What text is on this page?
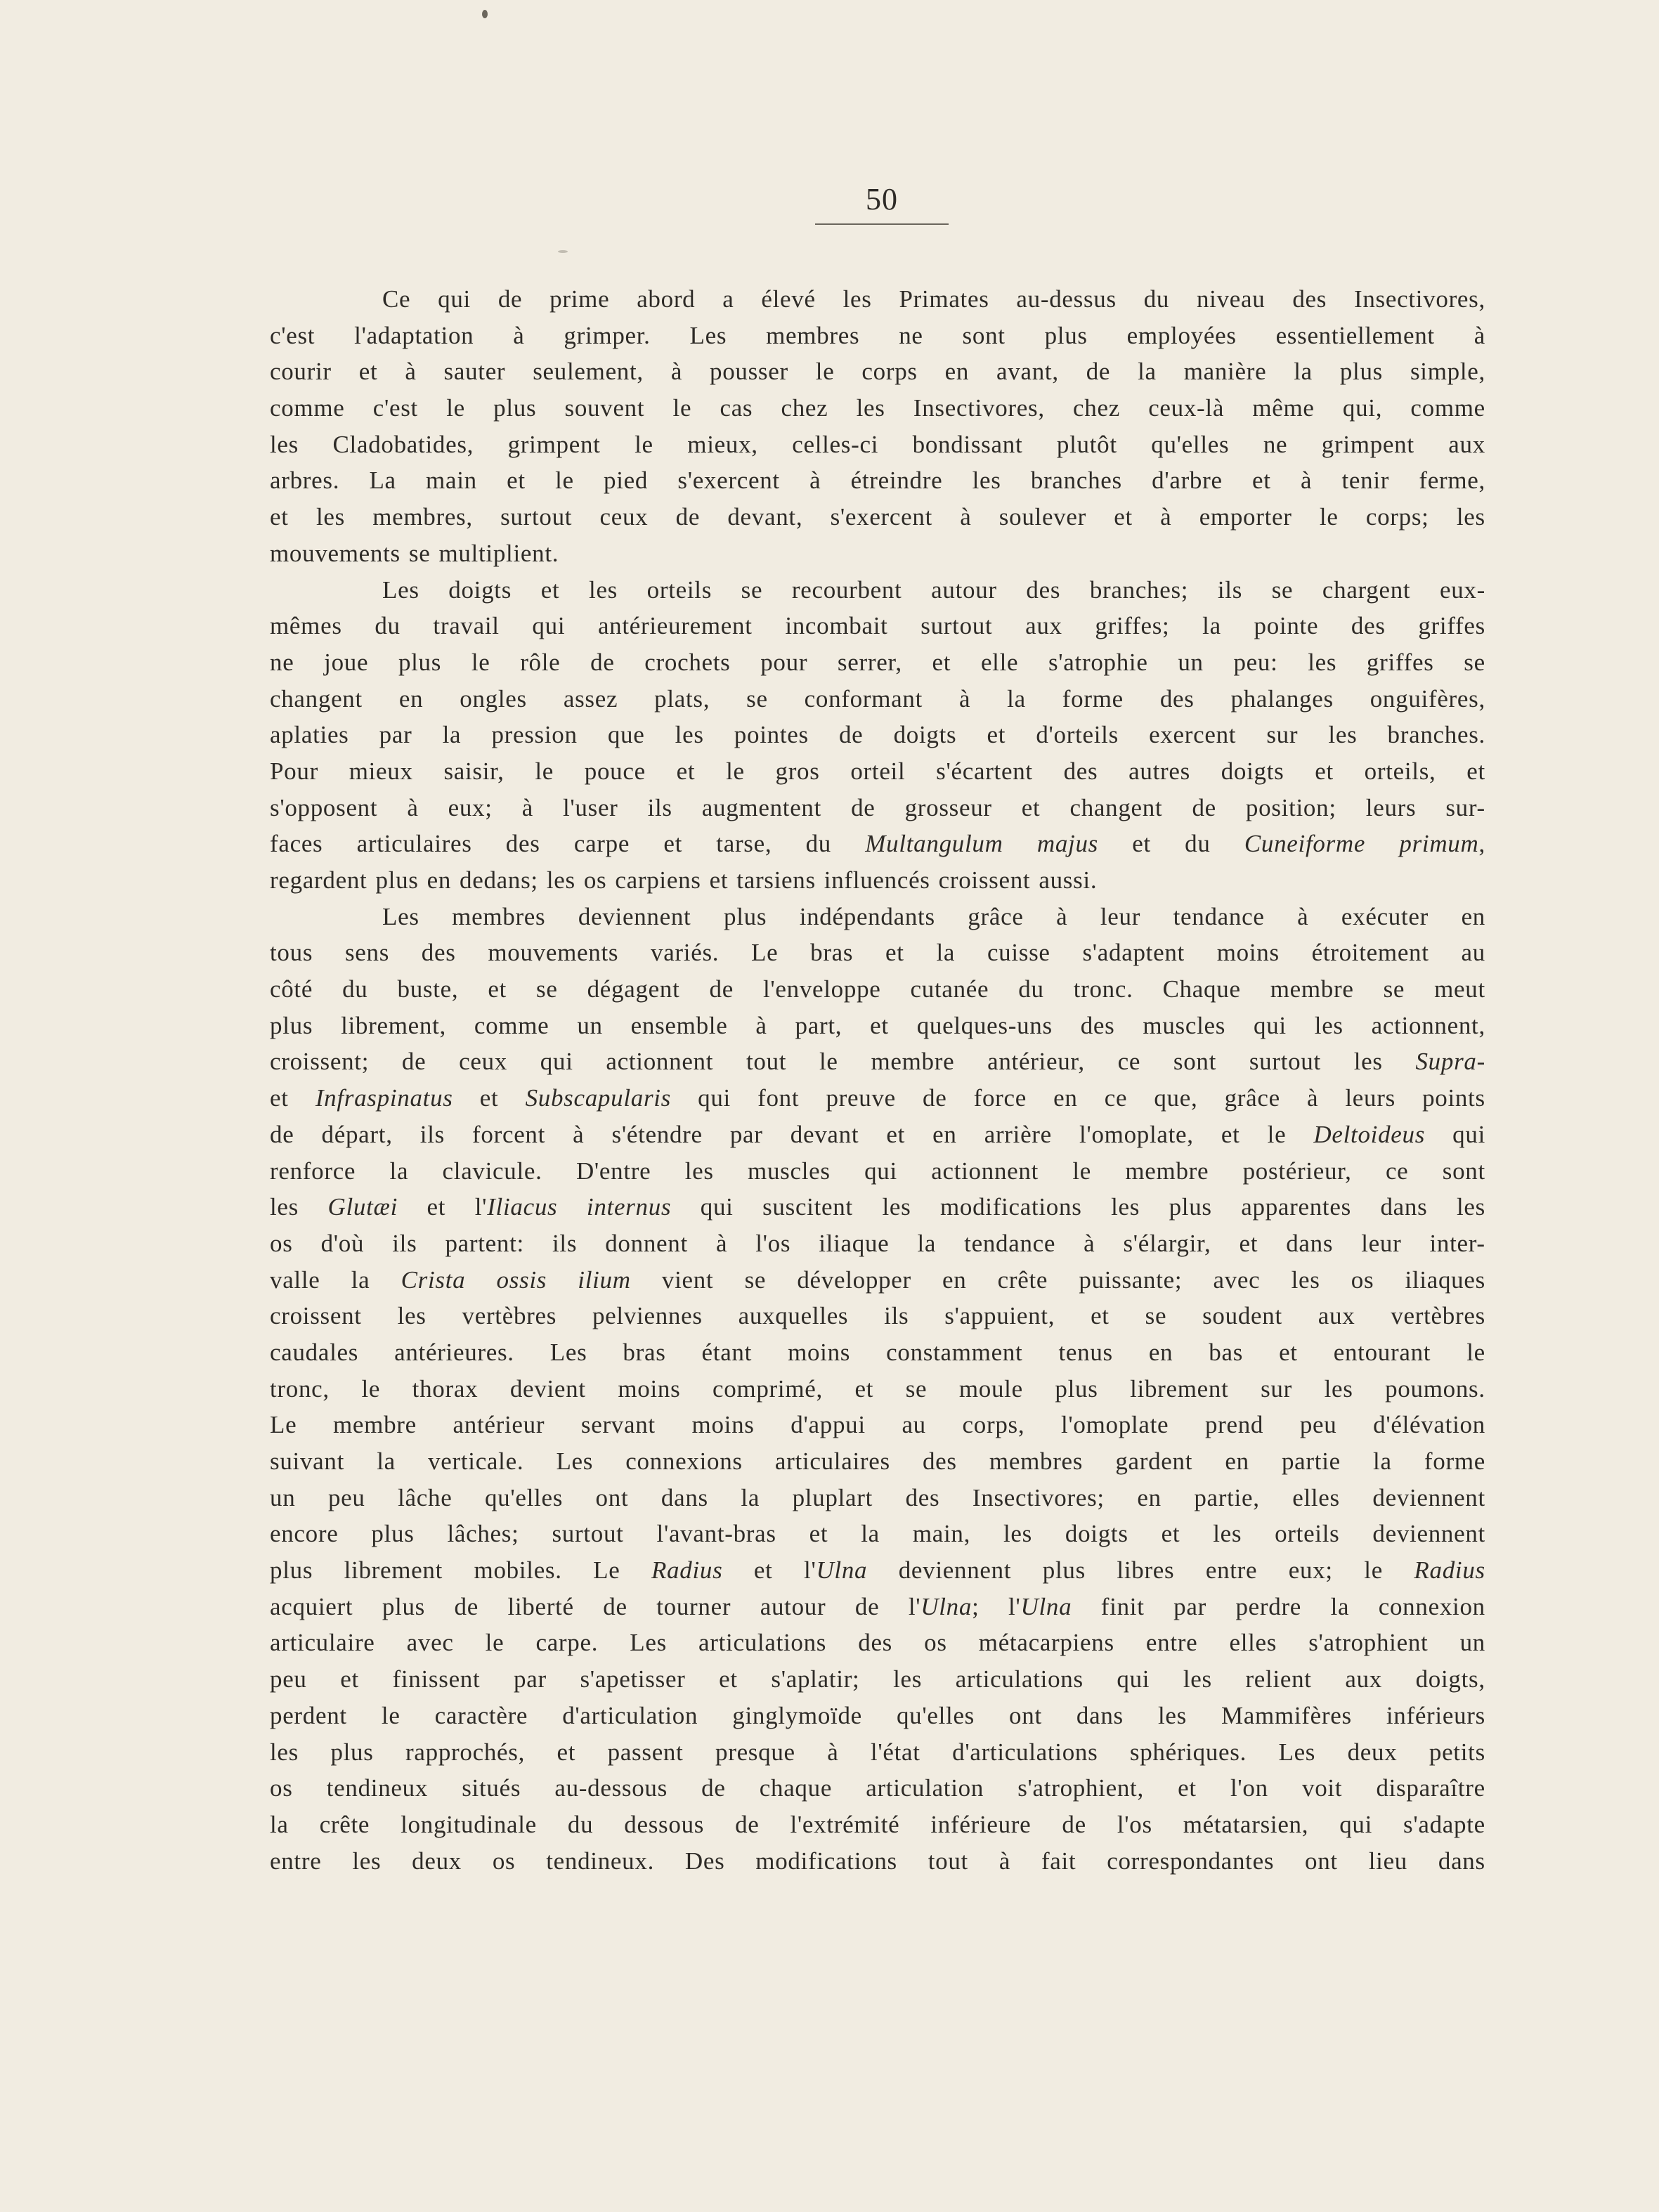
50
Ce qui de prime abord a élevé les Primates au-dessus du niveau des Insectivores,
c'est l'adaptation à grimper. Les membres ne sont plus employées essentiellement à
courir et à sauter seulement, à pousser le corps en avant, de la manière la plus simple,
comme c'est le plus souvent le cas chez les Insectivores, chez ceux-là même qui, comme
les Cladobatides, grimpent le mieux, celles-ci bondissant plutôt qu'elles ne grimpent aux
arbres. La main et le pied s'exercent à étreindre les branches d'arbre et à tenir ferme,
et les membres, surtout ceux de devant, s'exercent à soulever et à emporter le corps; les
mouvements se multiplient.
Les doigts et les orteils se recourbent autour des branches; ils se chargent eux-
mêmes du travail qui antérieurement incombait surtout aux griffes; la pointe des griffes
ne joue plus le rôle de crochets pour serrer, et elle s'atrophie un peu: les griffes se
changent en ongles assez plats, se conformant à la forme des phalanges onguifères,
aplaties par la pression que les pointes de doigts et d'orteils exercent sur les branches.
Pour mieux saisir, le pouce et le gros orteil s'écartent des autres doigts et orteils, et
s'opposent à eux; à l'user ils augmentent de grosseur et changent de position; leurs sur-
faces articulaires des carpe et tarse, du Multangulum majus et du Cuneiforme primum,
regardent plus en dedans; les os carpiens et tarsiens influencés croissent aussi.
Les membres deviennent plus indépendants grâce à leur tendance à exécuter en
tous sens des mouvements variés. Le bras et la cuisse s'adaptent moins étroitement au
côté du buste, et se dégagent de l'enveloppe cutanée du tronc. Chaque membre se meut
plus librement, comme un ensemble à part, et quelques-uns des muscles qui les actionnent,
croissent; de ceux qui actionnent tout le membre antérieur, ce sont surtout les Supra-
et Infraspinatus et Subscapularis qui font preuve de force en ce que, grâce à leurs points
de départ, ils forcent à s'étendre par devant et en arrière l'omoplate, et le Deltoideus qui
renforce la clavicule. D'entre les muscles qui actionnent le membre postérieur, ce sont
les Glutæi et l'Iliacus internus qui suscitent les modifications les plus apparentes dans les
os d'où ils partent: ils donnent à l'os iliaque la tendance à s'élargir, et dans leur inter-
valle la Crista ossis ilium vient se développer en crête puissante; avec les os iliaques
croissent les vertèbres pelviennes auxquelles ils s'appuient, et se soudent aux vertèbres
caudales antérieures. Les bras étant moins constamment tenus en bas et entourant le
tronc, le thorax devient moins comprimé, et se moule plus librement sur les poumons.
Le membre antérieur servant moins d'appui au corps, l'omoplate prend peu d'élévation
suivant la verticale. Les connexions articulaires des membres gardent en partie la forme
un peu lâche qu'elles ont dans la pluplart des Insectivores; en partie, elles deviennent
encore plus lâches; surtout l'avant-bras et la main, les doigts et les orteils deviennent
plus librement mobiles. Le Radius et l'Ulna deviennent plus libres entre eux; le Radius
acquiert plus de liberté de tourner autour de l'Ulna; l'Ulna finit par perdre la connexion
articulaire avec le carpe. Les articulations des os métacarpiens entre elles s'atrophient un
peu et finissent par s'apetisser et s'aplatir; les articulations qui les relient aux doigts,
perdent le caractère d'articulation ginglymoïde qu'elles ont dans les Mammifères inférieurs
les plus rapprochés, et passent presque à l'état d'articulations sphériques. Les deux petits
os tendineux situés au-dessous de chaque articulation s'atrophient, et l'on voit disparaître
la crête longitudinale du dessous de l'extrémité inférieure de l'os métatarsien, qui s'adapte
entre les deux os tendineux. Des modifications tout à fait correspondantes ont lieu dans
